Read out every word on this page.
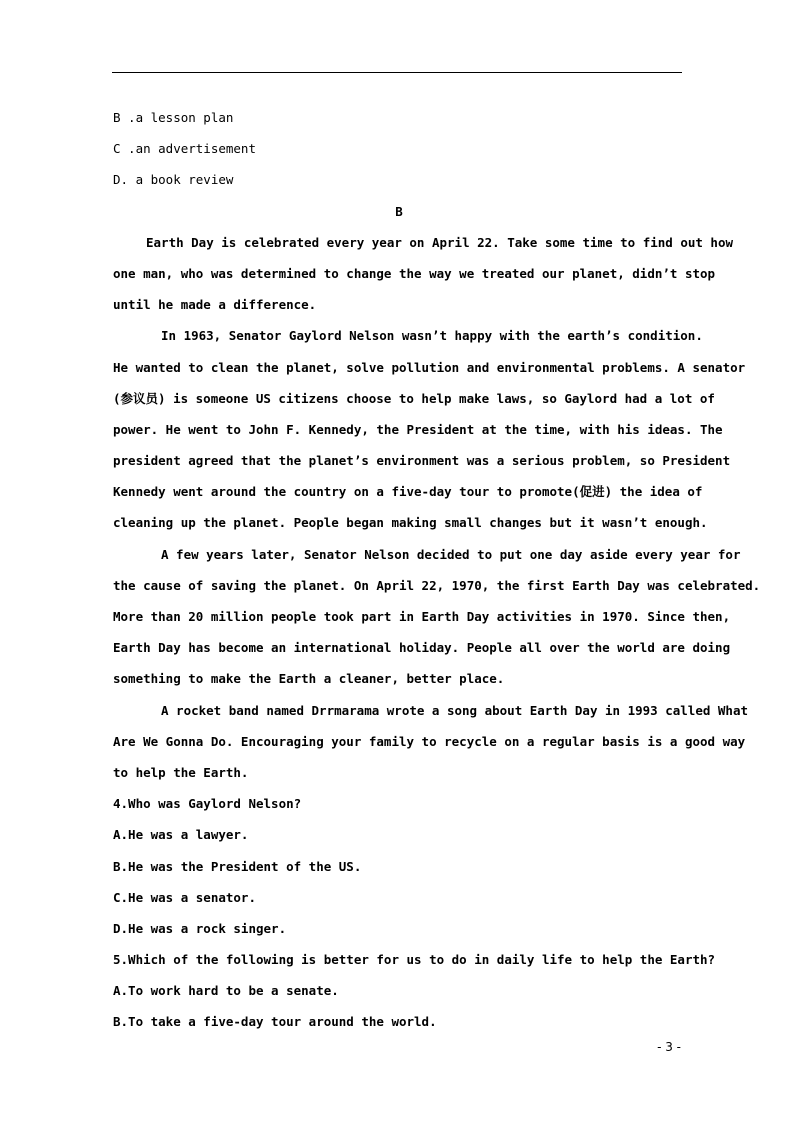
B .a lesson plan
C .an advertisement
D. a book review
B
Earth Day is celebrated every year on April 22. Take some time to find out how
one man, who was determined to change the way we treated our planet, didn’t stop
until he made a difference.
In 1963, Senator Gaylord Nelson wasn’t happy with the earth’s condition.
He wanted to clean the planet, solve pollution and environmental problems. A senator
(参议员) is someone US citizens choose to help make laws, so Gaylord had a lot of
power. He went to John F. Kennedy, the President at the time, with his ideas. The
president agreed that the planet’s environment was a serious problem, so President
Kennedy went around the country on a five-day tour to promote(促进) the idea of
cleaning up the planet. People began making small changes but it wasn’t enough.
A few years later, Senator Nelson decided to put one day aside every year for
the cause of saving the planet. On April 22, 1970, the first Earth Day was celebrated.
More than 20 million people took part in Earth Day activities in 1970. Since then,
Earth Day has become an international holiday. People all over the world are doing
something to make the Earth a cleaner, better place.
A rocket band named Drrmarama wrote a song about Earth Day in 1993 called What
Are We Gonna Do. Encouraging your family to recycle on a regular basis is a good way
to help the Earth.
4.Who was Gaylord Nelson?
A.He was a lawyer.
B.He was the President of the US.
C.He was a senator.
D.He was a rock singer.
5.Which of the following is better for us to do in daily life to help the Earth?
A.To work hard to be a senate.
B.To take a five-day tour around the world.
- 3 -
